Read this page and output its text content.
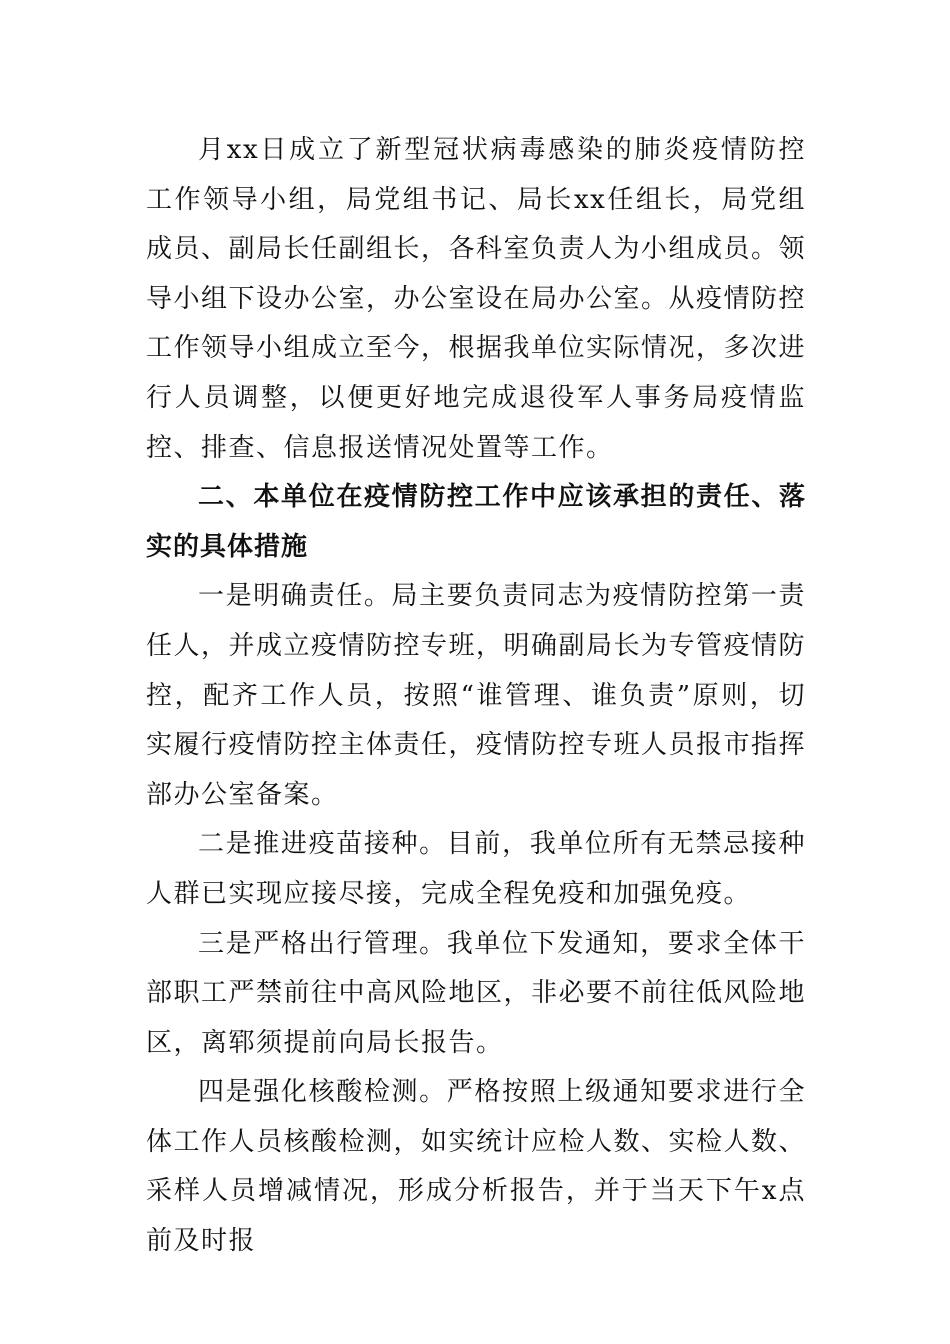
月xx日成立了新型冠状病毒感染的肺炎疫情防控工作领导小组，局党组书记、局长xx任组长，局党组成员、副局长任副组长，各科室负责人为小组成员。领导小组下设办公室，办公室设在局办公室。从疫情防控工作领导小组成立至今，根据我单位实际情况，多次进行人员调整，以便更好地完成退役军人事务局疫情监控、排查、信息报送情况处置等工作。

二、本单位在疫情防控工作中应该承担的责任、落实的具体措施

一是明确责任。局主要负责同志为疫情防控第一责任人，并成立疫情防控专班，明确副局长为专管疫情防控，配齐工作人员，按照“谁管理、谁负责”原则，切实履行疫情防控主体责任，疫情防控专班人员报市指挥部办公室备案。

二是推进疫苗接种。目前，我单位所有无禁忌接种人群已实现应接尽接，完成全程免疫和加强免疫。

三是严格出行管理。我单位下发通知，要求全体干部职工严禁前往中高风险地区，非必要不前往低风险地区，离郓须提前向局长报告。

四是强化核酸检测。严格按照上级通知要求进行全体工作人员核酸检测，如实统计应检人数、实检人数、采样人员增减情况，形成分析报告，并于当天下午x点前及时报
